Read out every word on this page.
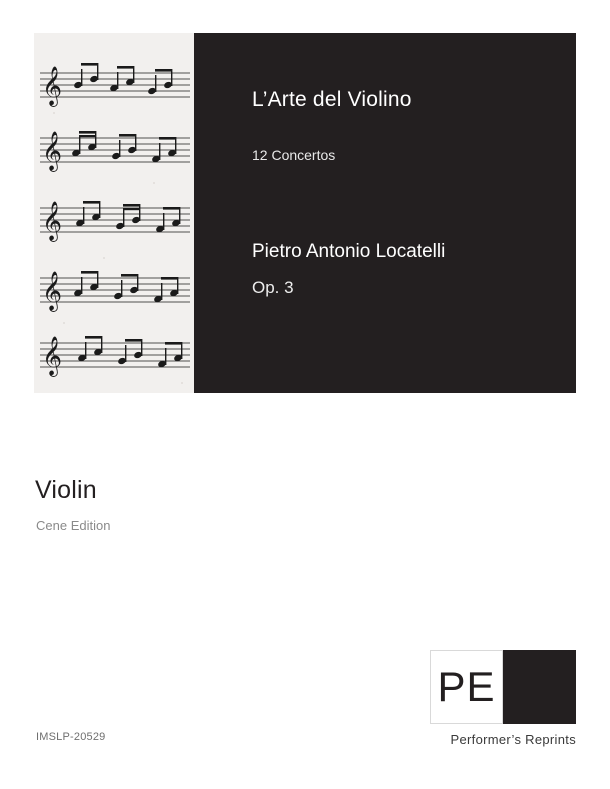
𝄞
𝄞
𝄞
𝄞
𝄞
L’Arte del Violino
12 Concertos
Pietro Antonio Locatelli
Op. 3
Violin
Cene Edition
IMSLP-20529
PE
Performer’s Reprints
